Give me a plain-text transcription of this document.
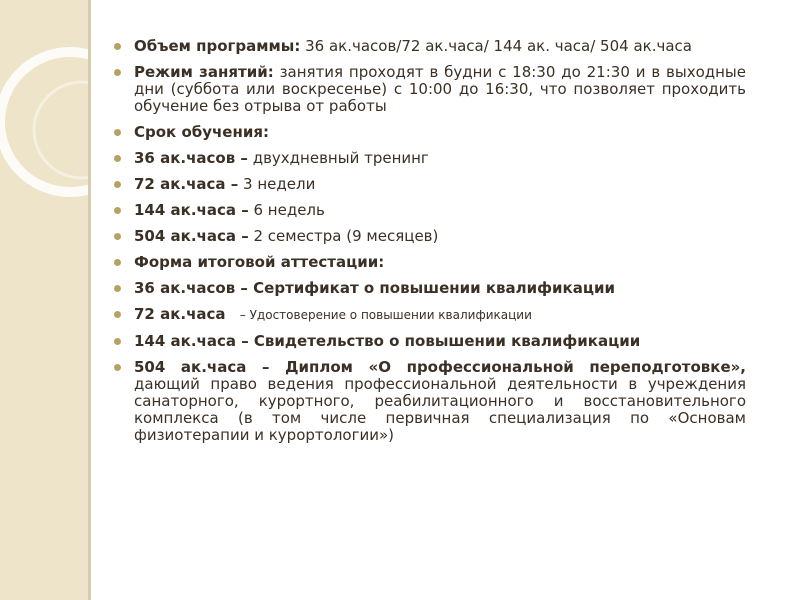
Объем программы: 36 ак.часов/72 ак.часа/ 144 ак. часа/ 504 ак.часа
Режим занятий: занятия проходят в будни с 18:30 до 21:30 и в выходные дни (суббота или воскресенье) с 10:00 до 16:30, что позволяет проходить обучение без отрыва от работы
Срок обучения:
36 ак.часов – двухдневный тренинг
72 ак.часа – 3 недели
144 ак.часа – 6 недель
504 ак.часа – 2 семестра (9 месяцев)
Форма итоговой аттестации:
36 ак.часов – Сертификат о повышении квалификации
72 ак.часа   – Удостоверение о повышении квалификации
144 ак.часа – Свидетельство о повышении квалификации
504 ак.часа – Диплом «О профессиональной переподготовке», дающий право ведения профессиональной деятельности в учреждения санаторного, курортного, реабилитационного и восстановительного комплекса (в том числе первичная специализация по «Основам физиотерапии и курортологии»)
